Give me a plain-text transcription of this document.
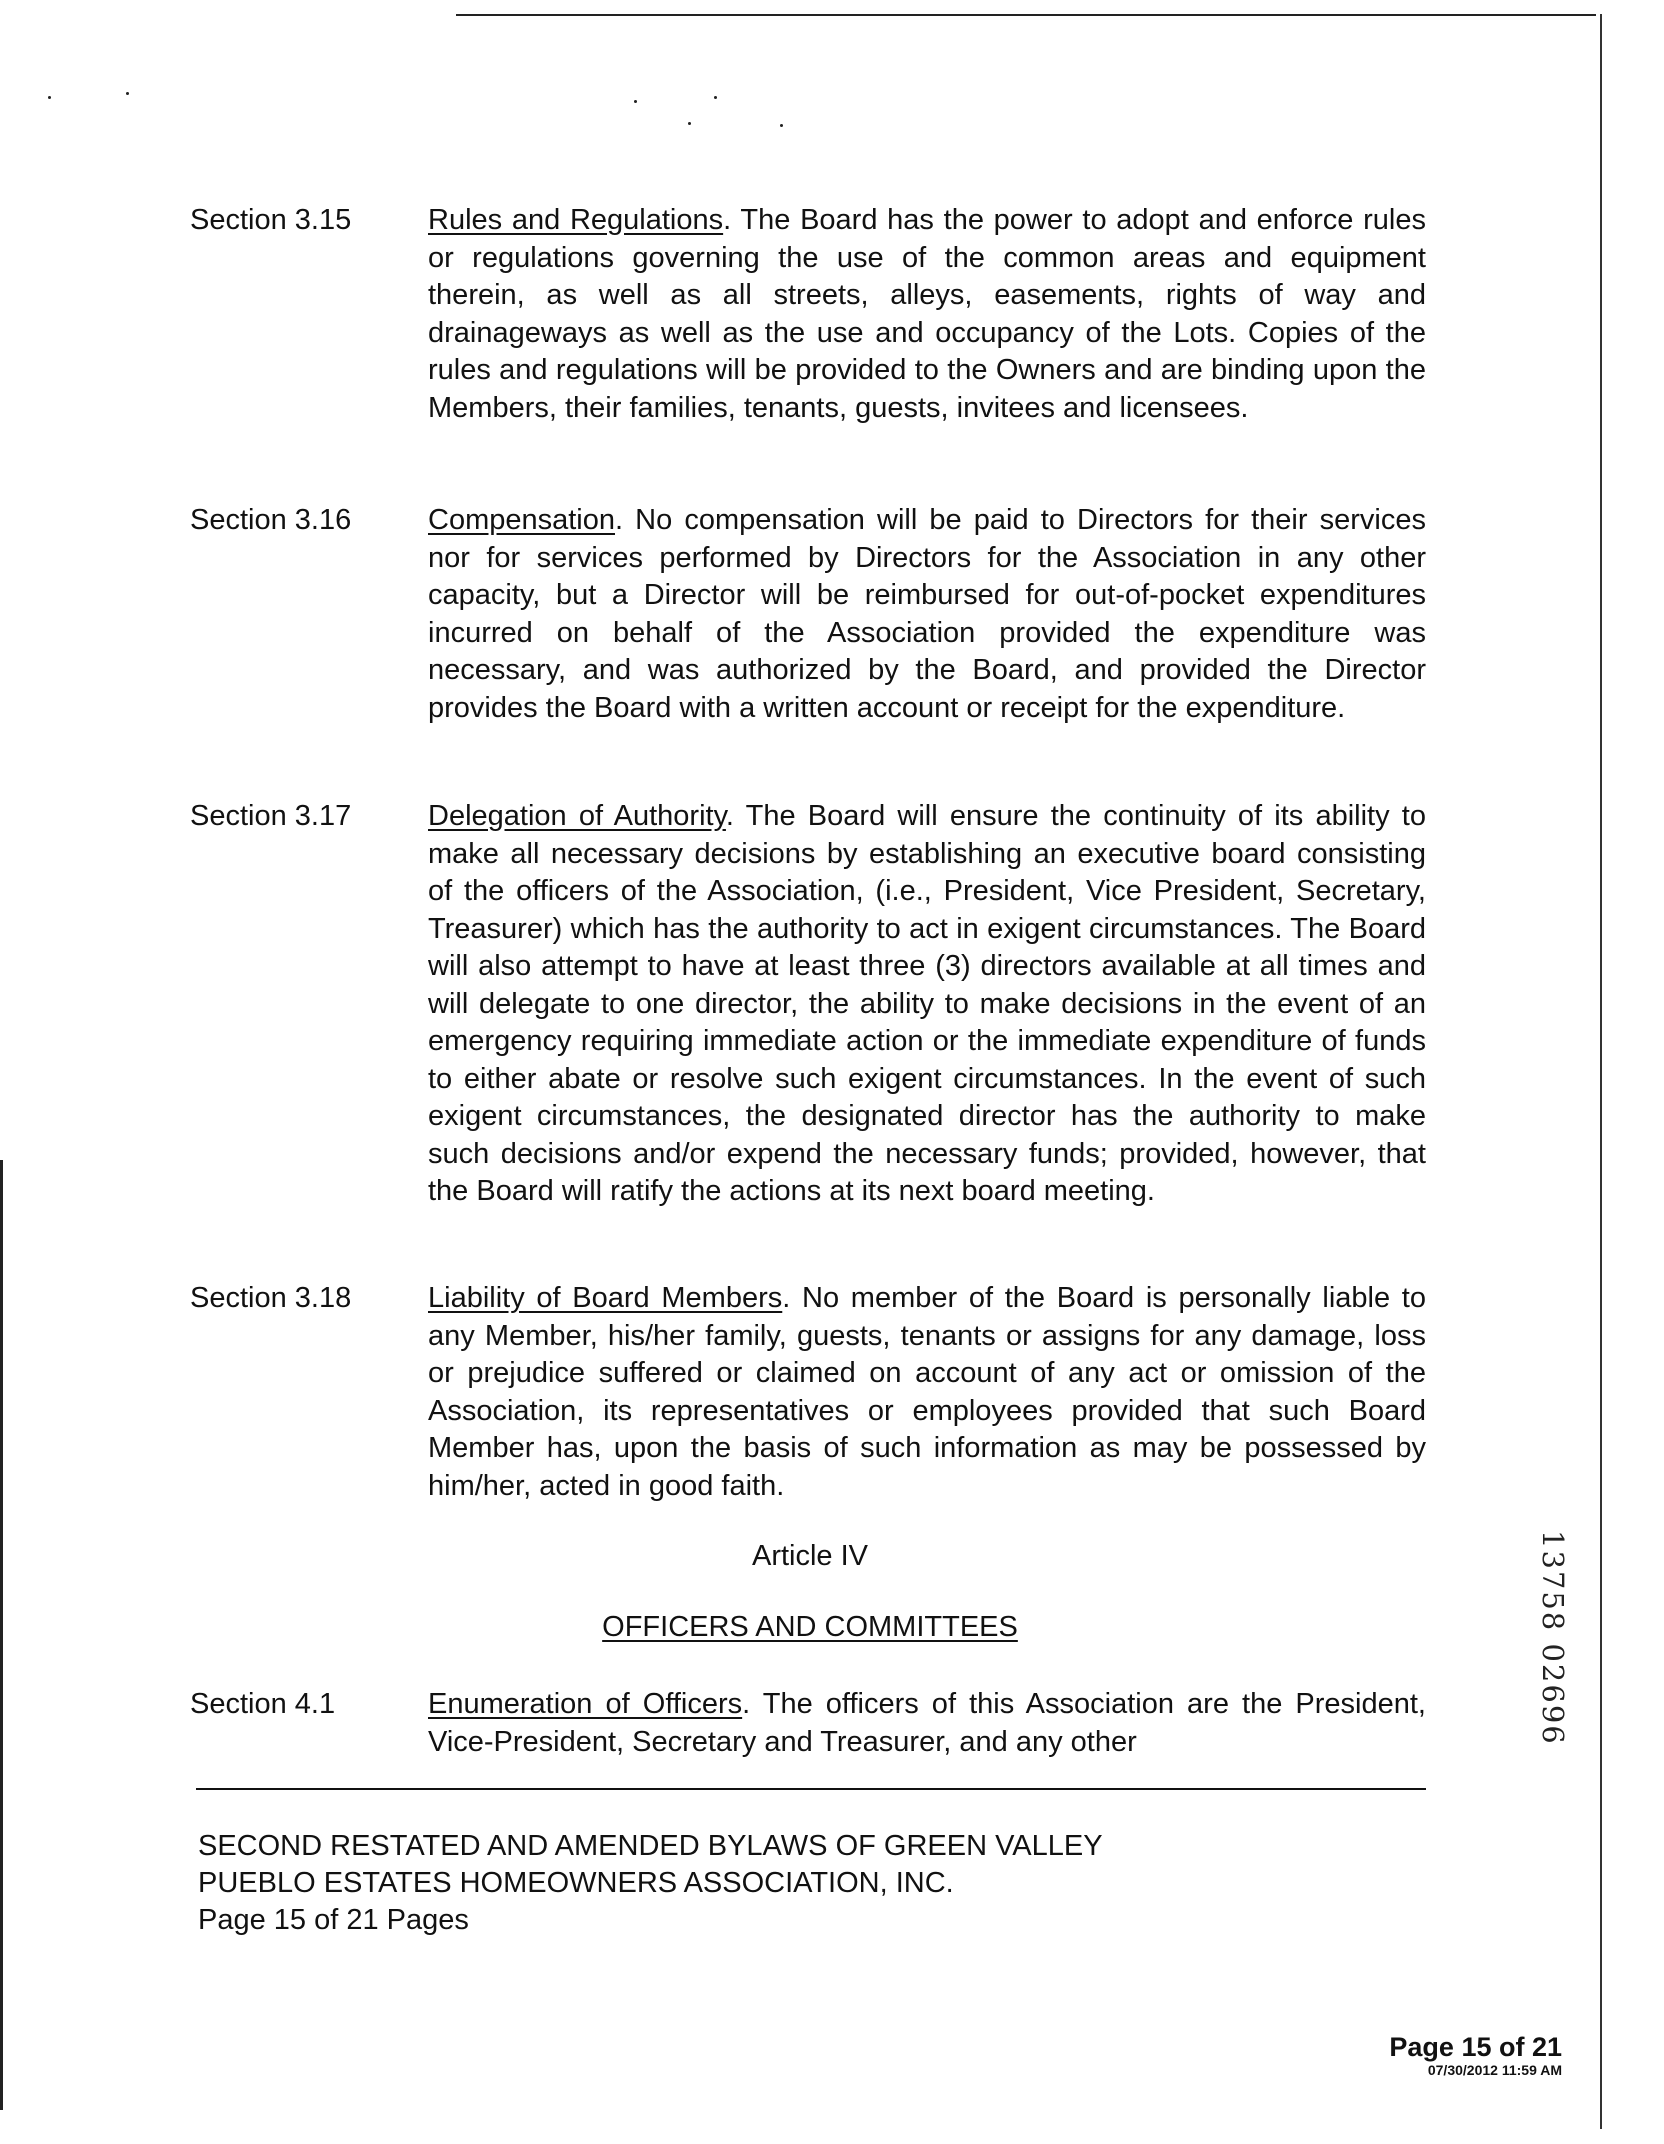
Section 3.15	Rules and Regulations. The Board has the power to adopt and enforce rules or regulations governing the use of the common areas and equipment therein, as well as all streets, alleys, easements, rights of way and drainageways as well as the use and occupancy of the Lots. Copies of the rules and regulations will be provided to the Owners and are binding upon the Members, their families, tenants, guests, invitees and licensees.
Section 3.16	Compensation. No compensation will be paid to Directors for their services nor for services performed by Directors for the Association in any other capacity, but a Director will be reimbursed for out-of-pocket expenditures incurred on behalf of the Association provided the expenditure was necessary, and was authorized by the Board, and provided the Director provides the Board with a written account or receipt for the expenditure.
Section 3.17	Delegation of Authority. The Board will ensure the continuity of its ability to make all necessary decisions by establishing an executive board consisting of the officers of the Association, (i.e., President, Vice President, Secretary, Treasurer) which has the authority to act in exigent circumstances. The Board will also attempt to have at least three (3) directors available at all times and will delegate to one director, the ability to make decisions in the event of an emergency requiring immediate action or the immediate expenditure of funds to either abate or resolve such exigent circumstances. In the event of such exigent circumstances, the designated director has the authority to make such decisions and/or expend the necessary funds; provided, however, that the Board will ratify the actions at its next board meeting.
Section 3.18	Liability of Board Members. No member of the Board is personally liable to any Member, his/her family, guests, tenants or assigns for any damage, loss or prejudice suffered or claimed on account of any act or omission of the Association, its representatives or employees provided that such Board Member has, upon the basis of such information as may be possessed by him/her, acted in good faith.
Article IV
OFFICERS AND COMMITTEES
Section 4.1	Enumeration of Officers. The officers of this Association are the President, Vice-President, Secretary and Treasurer, and any other
SECOND RESTATED AND AMENDED BYLAWS OF GREEN VALLEY
PUEBLO ESTATES HOMEOWNERS ASSOCIATION, INC.
Page 15 of 21 Pages
13758 02696
Page 15 of 21
07/30/2012 11:59 AM
